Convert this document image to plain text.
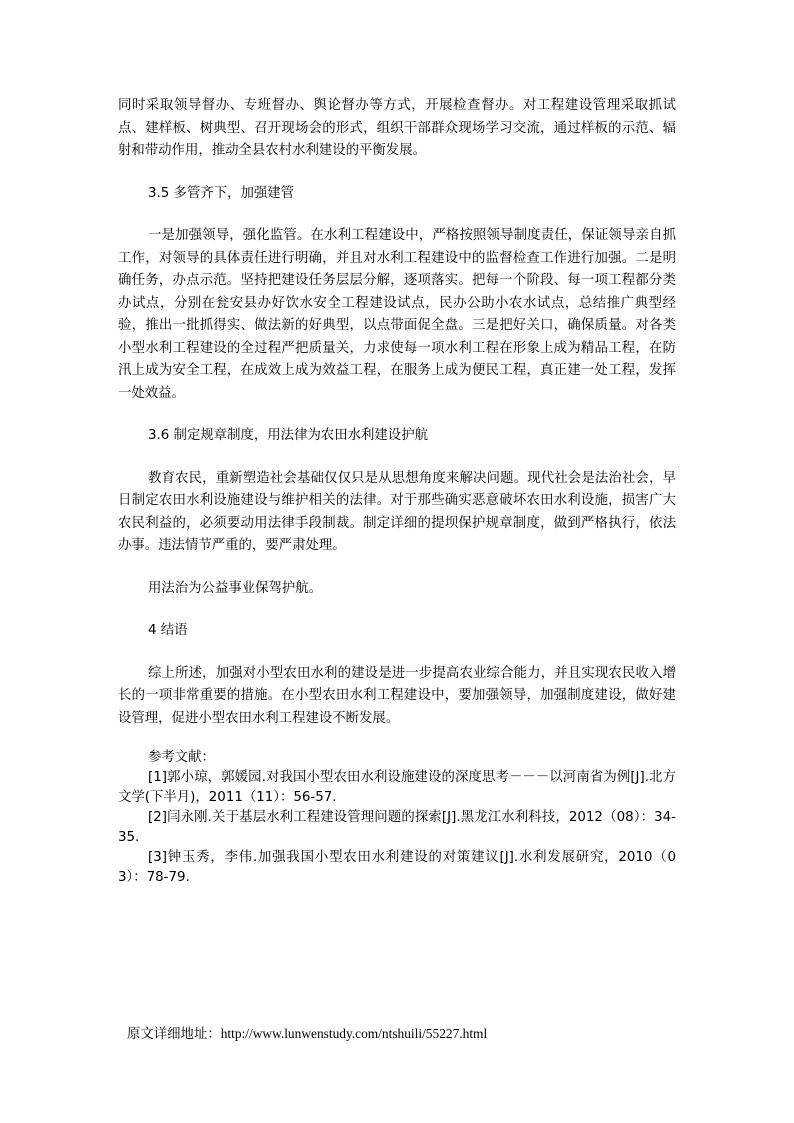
同时采取领导督办、专班督办、舆论督办等方式，开展检查督办。对工程建设管理采取抓试点、建样板、树典型、召开现场会的形式，组织干部群众现场学习交流，通过样板的示范、辐射和带动作用，推动全县农村水利建设的平衡发展。

3.5 多管齐下，加强建管

一是加强领导，强化监管。在水利工程建设中，严格按照领导制度责任，保证领导亲自抓工作，对领导的具体责任进行明确，并且对水利工程建设中的监督检查工作进行加强。二是明确任务，办点示范。坚持把建设任务层层分解，逐项落实。把每一个阶段、每一项工程都分类办试点，分别在瓮安县办好饮水安全工程建设试点，民办公助小农水试点，总结推广典型经验，推出一批抓得实、做法新的好典型，以点带面促全盘。三是把好关口，确保质量。对各类小型水利工程建设的全过程严把质量关，力求使每一项水利工程在形象上成为精品工程，在防汛上成为安全工程，在成效上成为效益工程，在服务上成为便民工程，真正建一处工程，发挥一处效益。

3.6 制定规章制度，用法律为农田水利建设护航

教育农民，重新塑造社会基础仅仅只是从思想角度来解决问题。现代社会是法治社会，早日制定农田水利设施建设与维护相关的法律。对于那些确实恶意破坏农田水利设施，损害广大农民利益的，必须要动用法律手段制裁。制定详细的提坝保护规章制度，做到严格执行，依法办事。违法情节严重的，要严肃处理。

用法治为公益事业保驾护航。

4 结语

综上所述，加强对小型农田水利的建设是进一步提高农业综合能力，并且实现农民收入增长的一项非常重要的措施。在小型农田水利工程建设中，要加强领导，加强制度建设，做好建设管理，促进小型农田水利工程建设不断发展。

参考文献：

[1]郭小琼，郭媛园.对我国小型农田水利设施建设的深度思考－－－以河南省为例[J].北方文学(下半月)，2011（11）：56-57.

[2]闫永刚.关于基层水利工程建设管理问题的探索[J].黑龙江水利科技，2012（08）：34-35.

[3]钟玉秀，李伟.加强我国小型农田水利建设的对策建议[J].水利发展研究，2010（03）：78-79.

原文详细地址：http://www.lunwenstudy.com/ntshuili/55227.html
